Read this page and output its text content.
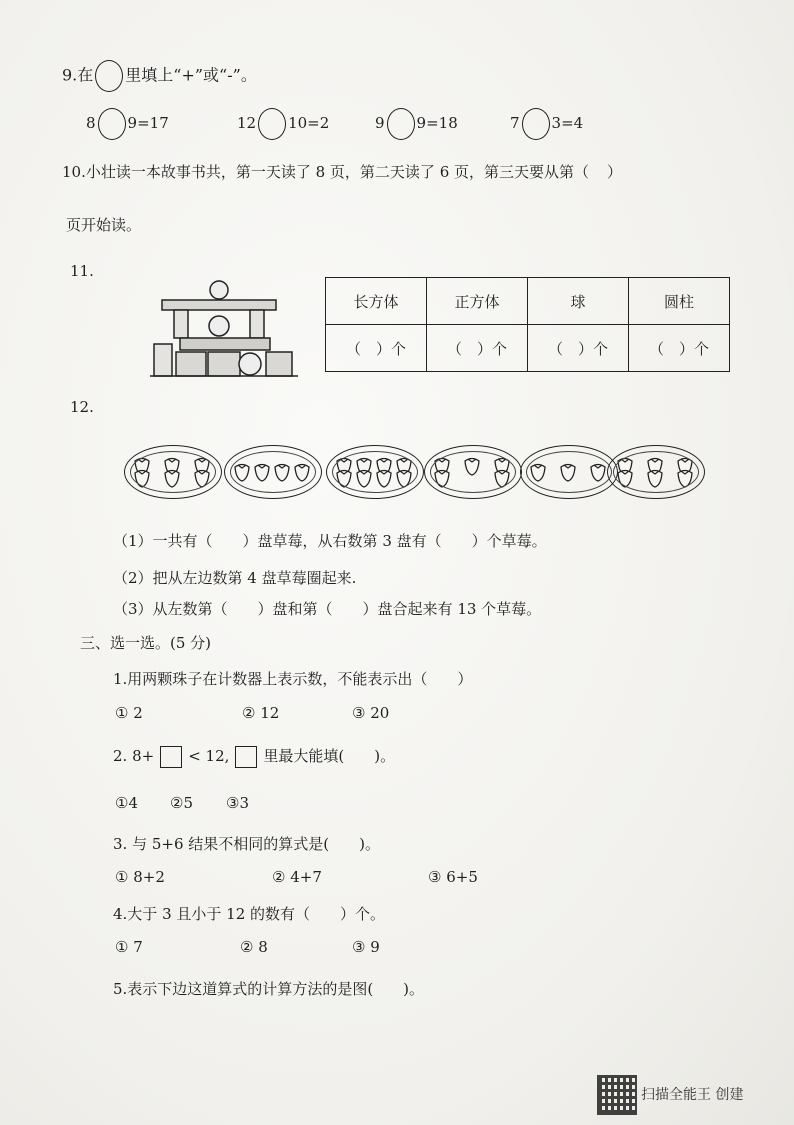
9.在 里填上“+”或“-”。
8 9=17	12 10=2	9 9=18	7 3=4
10.小壮读一本故事书共，第一天读了 8 页，第二天读了 6 页，第三天要从第（ ）
页开始读。
11.
长方体	正方体	球	圆柱
（　）个	（　）个	（　）个	（　）个
12.
（1）一共有（　　）盘草莓，从右数第 3 盘有（　　）个草莓。
（2）把从左边数第 4 盘草莓圈起来.
（3）从左数第（　　）盘和第（　　）盘合起来有 13 个草莓。
三、选一选。(5 分)
1.用两颗珠子在计数器上表示数，不能表示出（　　）
① 2	② 12	③ 20
2. 8+ < 12, 里最大能填(　　)。
①4 ②5 ③3
3. 与 5+6 结果不相同的算式是(　　)。
① 8+2	② 4+7	③ 6+5
4.大于 3 且小于 12 的数有（　　）个。
① 7	② 8	③ 9
5.表示下边这道算式的计算方法的是图(　　)。
扫描全能王 创建
